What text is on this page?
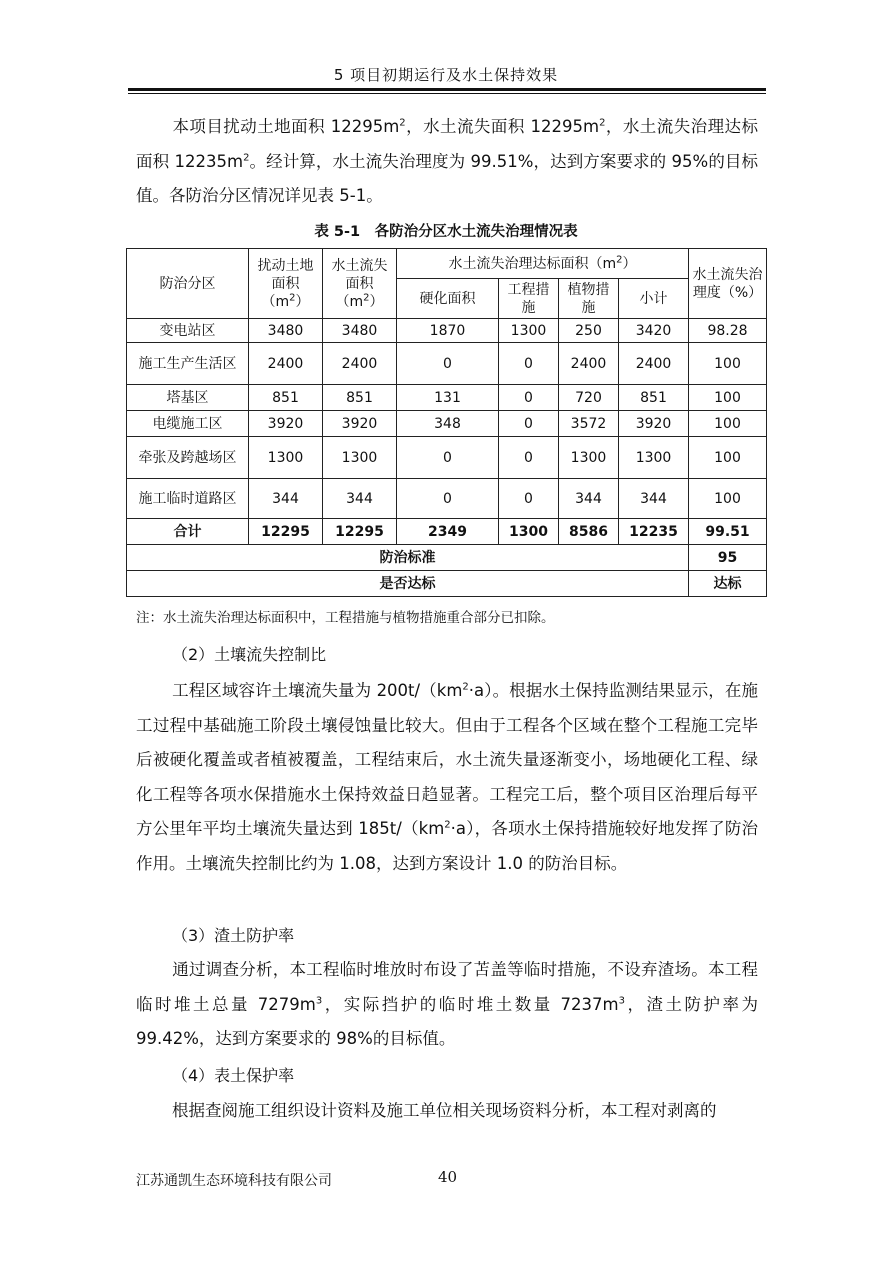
5 项目初期运行及水土保持效果
本项目扰动土地面积 $12295m^2$，水土流失面积 $12295m^2$，水土流失治理达标面积 $12235m^2$。经计算，水土流失治理度为 99.51%，达到方案要求的 95%的目标值。各防治分区情况详见表 5-1。
表 5-1　各防治分区水土流失治理情况表
防治分区	扰动土地面积$(m^2)$	水土流失面积$(m^2)$	水土流失治理达标面积$(m^2)$				水土流失治理度（%）
			硬化面积	工程措施	植物措施	小计	
变电站区	3480	3480	1870	1300	250	3420	98.28
施工生产生活区	2400	2400	0	0	2400	2400	100
塔基区	851	851	131	0	720	851	100
电缆施工区	3920	3920	348	0	3572	3920	100
牵张及跨越场区	1300	1300	0	0	1300	1300	100
施工临时道路区	344	344	0	0	344	344	100
合计	12295	12295	2349	1300	8586	12235	99.51
防治标准							95
是否达标							达标
注：水土流失治理达标面积中，工程措施与植物措施重合部分已扣除。
（2）土壤流失控制比
工程区域容许土壤流失量为 $200t/(km^2\cdot a)$。根据水土保持监测结果显示，在施工过程中基础施工阶段土壤侵蚀量比较大。但由于工程各个区域在整个工程施工完毕后被硬化覆盖或者植被覆盖，工程结束后，水土流失量逐渐变小，场地硬化工程、绿化工程等各项水保措施水土保持效益日趋显著。工程完工后，整个项目区治理后每平方公里年平均土壤流失量达到 $185t/(km^2\cdot a)$，各项水土保持措施较好地发挥了防治作用。土壤流失控制比约为 1.08，达到方案设计 1.0 的防治目标。
（3）渣土防护率
通过调查分析，本工程临时堆放时布设了苫盖等临时措施，不设弃渣场。本工程临时堆土总量 $7279m^3$，实际挡护的临时堆土数量 $7237m^3$，渣土防护率为 99.42%，达到方案要求的 98%的目标值。
（4）表土保护率
根据查阅施工组织设计资料及施工单位相关现场资料分析，本工程对剥离的
江苏通凯生态环境科技有限公司	40
